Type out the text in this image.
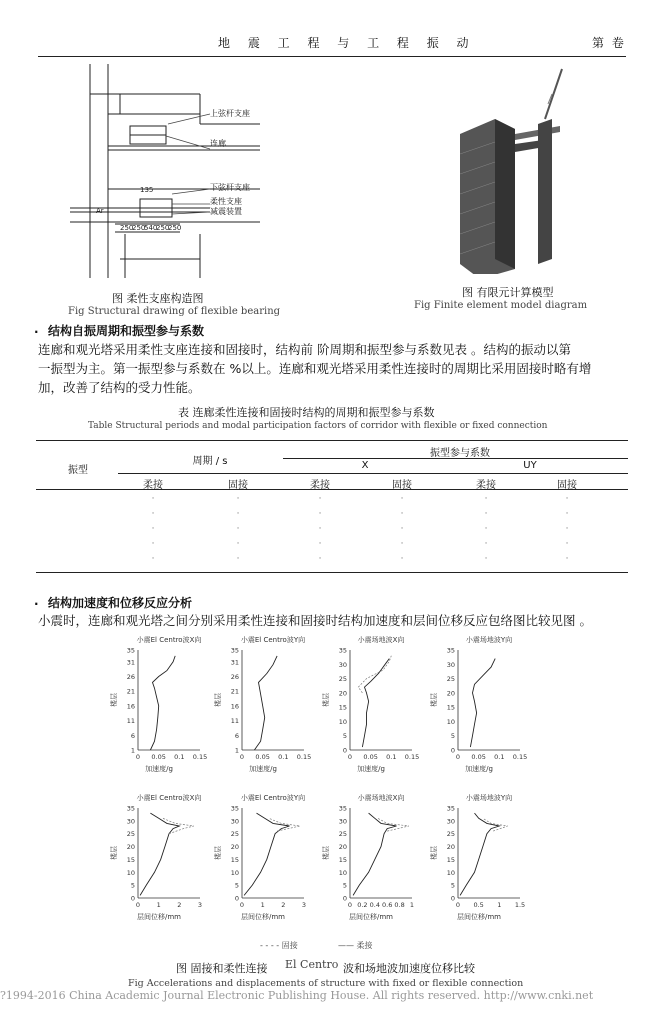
地 震 工 程 与 工 程 振 动	第 卷
Ar
135
250
250
540
250
250
上弦杆支座
连廊
下弦杆支座
柔性支座
减震装置
图 柔性支座构造图
Fig Structural drawing of flexible bearing
图 有限元计算模型
Fig Finite element model diagram
. 结构自振周期和振型参与系数
连廊和观光塔采用柔性支座连接和固接时，结构前 阶周期和振型参与系数见表 。结构的振动以第
一振型为主。第一振型参与系数在 %以上。连廊和观光塔采用柔性连接时的周期比采用固接时略有增
加，改善了结构的受力性能。
表 连廊柔性连接和固接时结构的周期和振型参与系数
Table Structural periods and modal participation factors of corridor with flexible or fixed connection
振型
周期 / s
振型参与系数
X	UY
柔接	固接	柔接	固接	柔接	固接
·	·	·	·	·	·
·	·	·	·	·	·
·	·	·	·	·	·
·	·	·	·	·	·
·	·	·	·	·	·
. 结构加速度和位移反应分析
小震时，连廊和观光塔之间分别采用柔性连接和固接时结构加速度和层间位移反应包络图比较见图 。
小震El Centro波X向
1
6
11
16
21
26
31
35
0 0.05 0.1 0.15
加速度/g
楼层
小震El Centro波Y向
1
6
11
16
21
26
31
35
0 0.05 0.1 0.15
加速度/g
楼层
小震场地波X向
0
5
10
15
20
25
30
35
0 0.05 0.1 0.15
加速度/g
楼层
小震场地波Y向
0
5
10
15
20
25
30
35
0 0.05 0.1 0.15
加速度/g
楼层
小震El Centro波X向
0
5
10
15
20
25
30
35
0	1	2	3
层间位移/mm
楼层
小震El Centro波Y向
0
5
10
15
20
25
30
35
0	1	2	3
层间位移/mm
楼层
小震场地波X向
0
5
10
15
20
25
30
35
0 0.2 0.4 0.6 0.8 1
层间位移/mm
楼层
小震场地波Y向
0
5
10
15
20
25
30
35
0 0.5 1 1.5
层间位移/mm
楼层
- - - - 固接	—— 柔接
图 固接和柔性连接 El Centro 波和场地波加速度位移比较
Fig Accelerations and displacements of structure with fixed or flexible connection
?1994-2016 China Academic Journal Electronic Publishing House. All rights reserved. http://www.cnki.net
